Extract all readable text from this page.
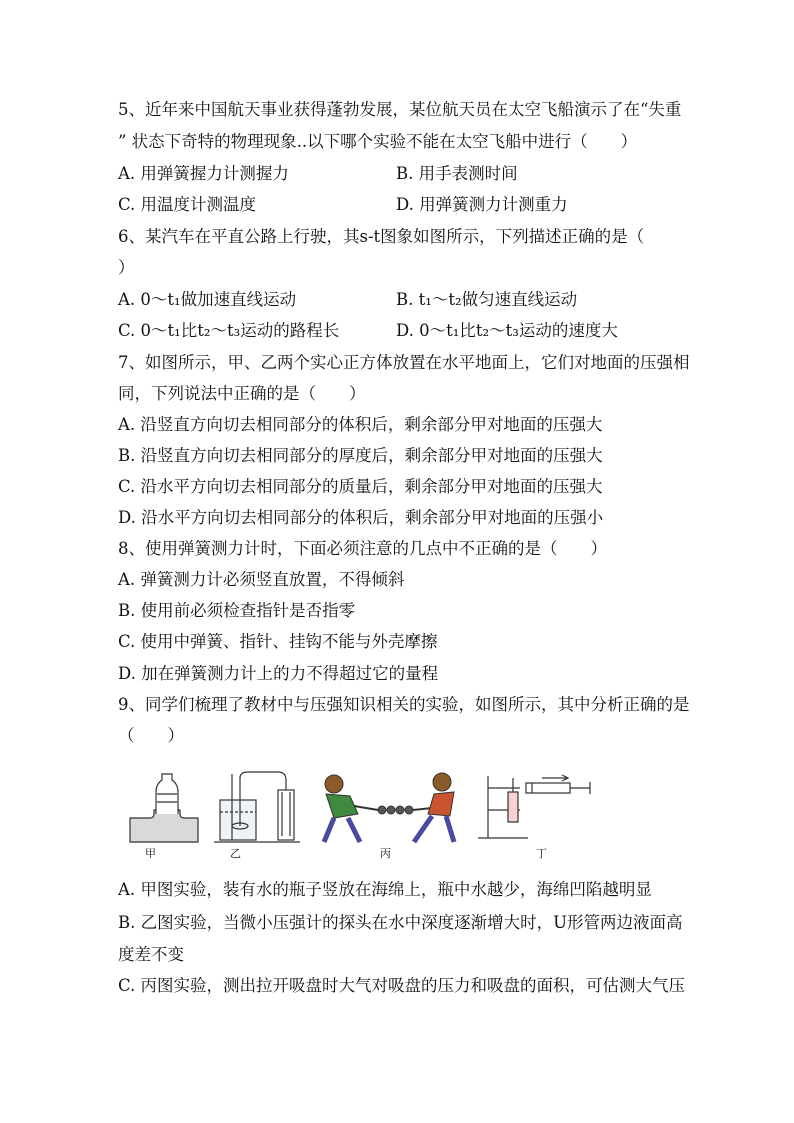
5、近年来中国航天事业获得蓬勃发展，某位航天员在太空飞船演示了在“失重
” 状态下奇特的物理现象..以下哪个实验不能在太空飞船中进行（　　）
A. 用弹簧握力计测握力	B. 用手表测时间
C. 用温度计测温度	D. 用弹簧测力计测重力
6、某汽车在平直公路上行驶，其s-t图象如图所示，下列描述正确的是（
）
A. 0～t₁做加速直线运动	B. t₁～t₂做匀速直线运动
C. 0～t₁比t₂～t₃运动的路程长	D. 0～t₁比t₂～t₃运动的速度大
7、如图所示，甲、乙两个实心正方体放置在水平地面上，它们对地面的压强相
同，下列说法中正确的是（　　）
A. 沿竖直方向切去相同部分的体积后，剩余部分甲对地面的压强大
B. 沿竖直方向切去相同部分的厚度后，剩余部分甲对地面的压强大
C. 沿水平方向切去相同部分的质量后，剩余部分甲对地面的压强大
D. 沿水平方向切去相同部分的体积后，剩余部分甲对地面的压强小
8、使用弹簧测力计时，下面必须注意的几点中不正确的是（　　）
A. 弹簧测力计必须竖直放置，不得倾斜
B. 使用前必须检查指针是否指零
C. 使用中弹簧、指针、挂钩不能与外壳摩擦
D. 加在弹簧测力计上的力不得超过它的量程
9、同学们梳理了教材中与压强知识相关的实验，如图所示，其中分析正确的是
（　　）
甲	乙	丙	丁
A. 甲图实验，装有水的瓶子竖放在海绵上，瓶中水越少，海绵凹陷越明显
B. 乙图实验，当微小压强计的探头在水中深度逐渐增大时，U形管两边液面高
度差不变
C. 丙图实验，测出拉开吸盘时大气对吸盘的压力和吸盘的面积，可估测大气压
